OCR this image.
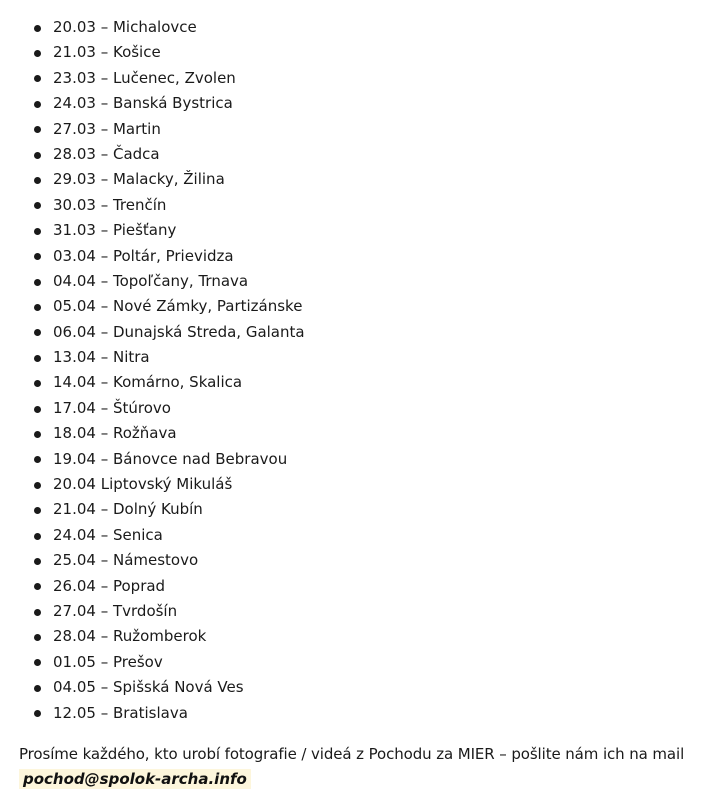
20.03 – Michalovce
21.03 – Košice
23.03 – Lučenec, Zvolen
24.03 – Banská Bystrica
27.03 – Martin
28.03 – Čadca
29.03 – Malacky, Žilina
30.03 – Trenčín
31.03 – Piešťany
03.04 – Poltár, Prievidza
04.04 – Topoľčany, Trnava
05.04 – Nové Zámky, Partizánske
06.04 – Dunajská Streda, Galanta
13.04 – Nitra
14.04 – Komárno, Skalica
17.04 – Štúrovo
18.04 – Rožňava
19.04 – Bánovce nad Bebravou
20.04 Liptovský Mikuláš
21.04 – Dolný Kubín
24.04 – Senica
25.04 – Námestovo
26.04 – Poprad
27.04 – Tvrdošín
28.04 – Ružomberok
01.05 – Prešov
04.05 – Spišská Nová Ves
12.05 – Bratislava
Prosíme každého, kto urobí fotografie / videá z Pochodu za MIER – pošlite nám ich na mail
pochod@spolok-archa.info
